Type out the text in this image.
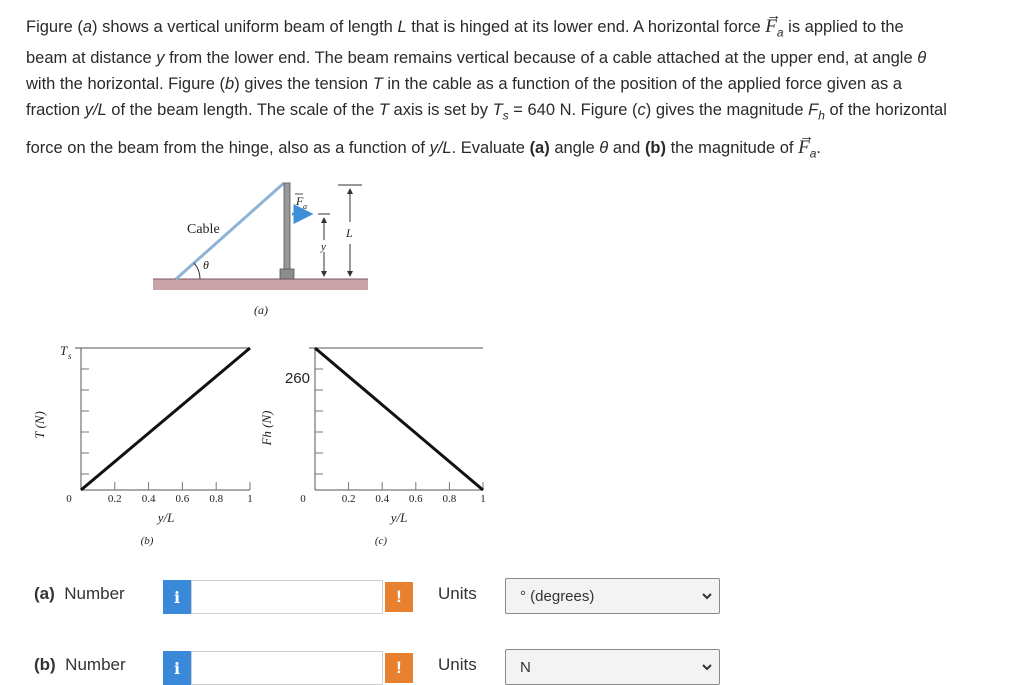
Figure (a) shows a vertical uniform beam of length L that is hinged at its lower end. A horizontal force → $F_a$ is applied to the

beam at distance y from the lower end. The beam remains vertical because of a cable attached at the upper end, at angle θ

with the horizontal. Figure (b) gives the tension T in the cable as a function of the position of the applied force given as a

fraction y/L of the beam length. The scale of the T axis is set by $T_s = 640$ N. Figure (c) gives the magnitude $F_h$ of the horizontal

force on the beam from the hinge, also as a function of y/L. Evaluate (a) angle θ and (b) the magnitude of → $F_a$.

θ
Cable
F a
y
L
(a)
T s
T (N)
y/L
(b)
0	0.2 0.4 0.6 0.8 1
260
Fh (N)
y/L
(c)
0	0.2 0.4 0.6 0.8 1
(a) Number	i	!	Units	° (degrees)
(b) Number	i	!	Units	N
